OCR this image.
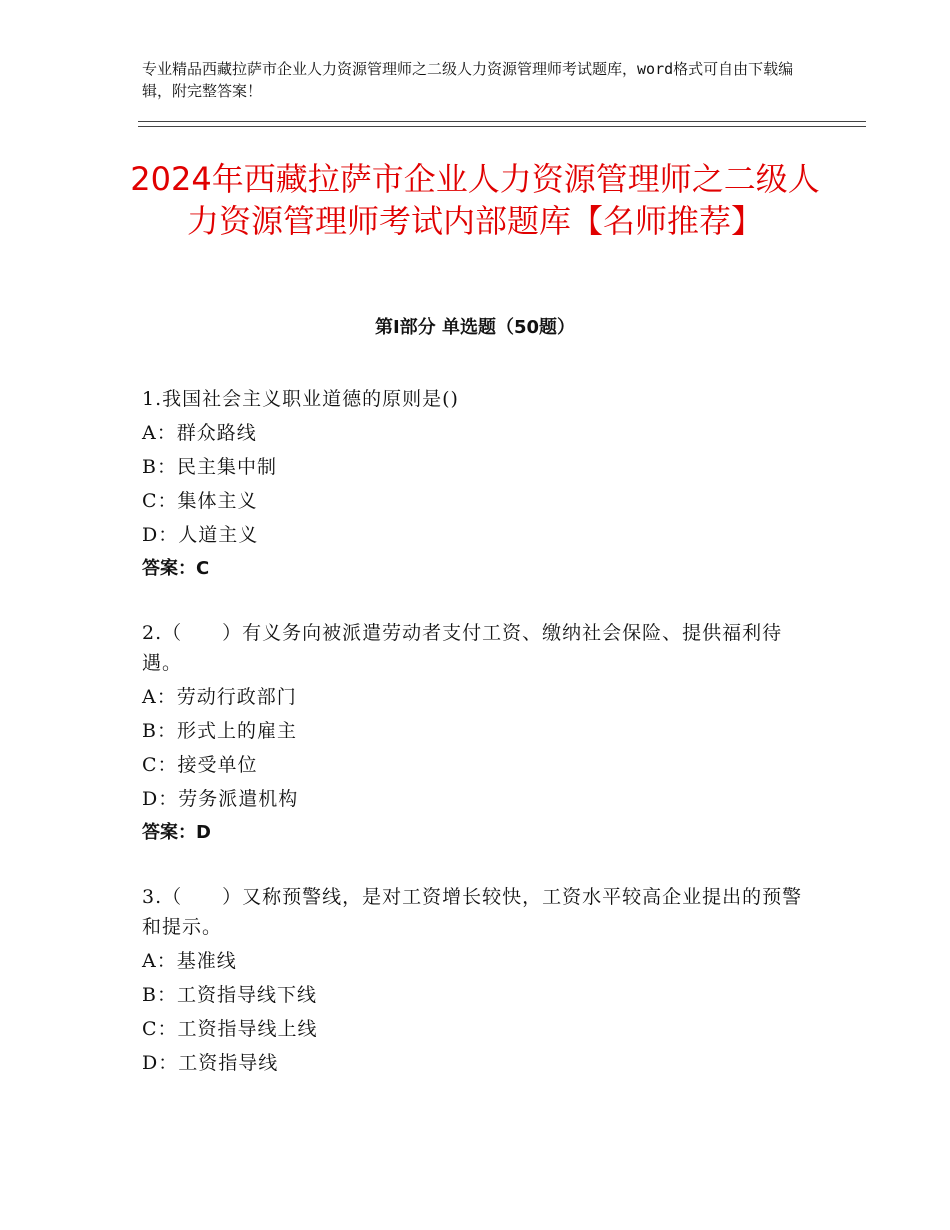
专业精品西藏拉萨市企业人力资源管理师之二级人力资源管理师考试题库，word格式可自由下载编辑，附完整答案！
2024年西藏拉萨市企业人力资源管理师之二级人力资源管理师考试内部题库【名师推荐】
第Ⅰ部分 单选题（50题）

1.我国社会主义职业道德的原则是()

A：群众路线

B：民主集中制

C：集体主义

D：人道主义

答案：C

2.（　　）有义务向被派遣劳动者支付工资、缴纳社会保险、提供福利待遇。

A：劳动行政部门

B：形式上的雇主

C：接受单位

D：劳务派遣机构

答案：D

3.（　　）又称预警线，是对工资增长较快，工资水平较高企业提出的预警和提示。

A：基准线

B：工资指导线下线

C：工资指导线上线

D：工资指导线
